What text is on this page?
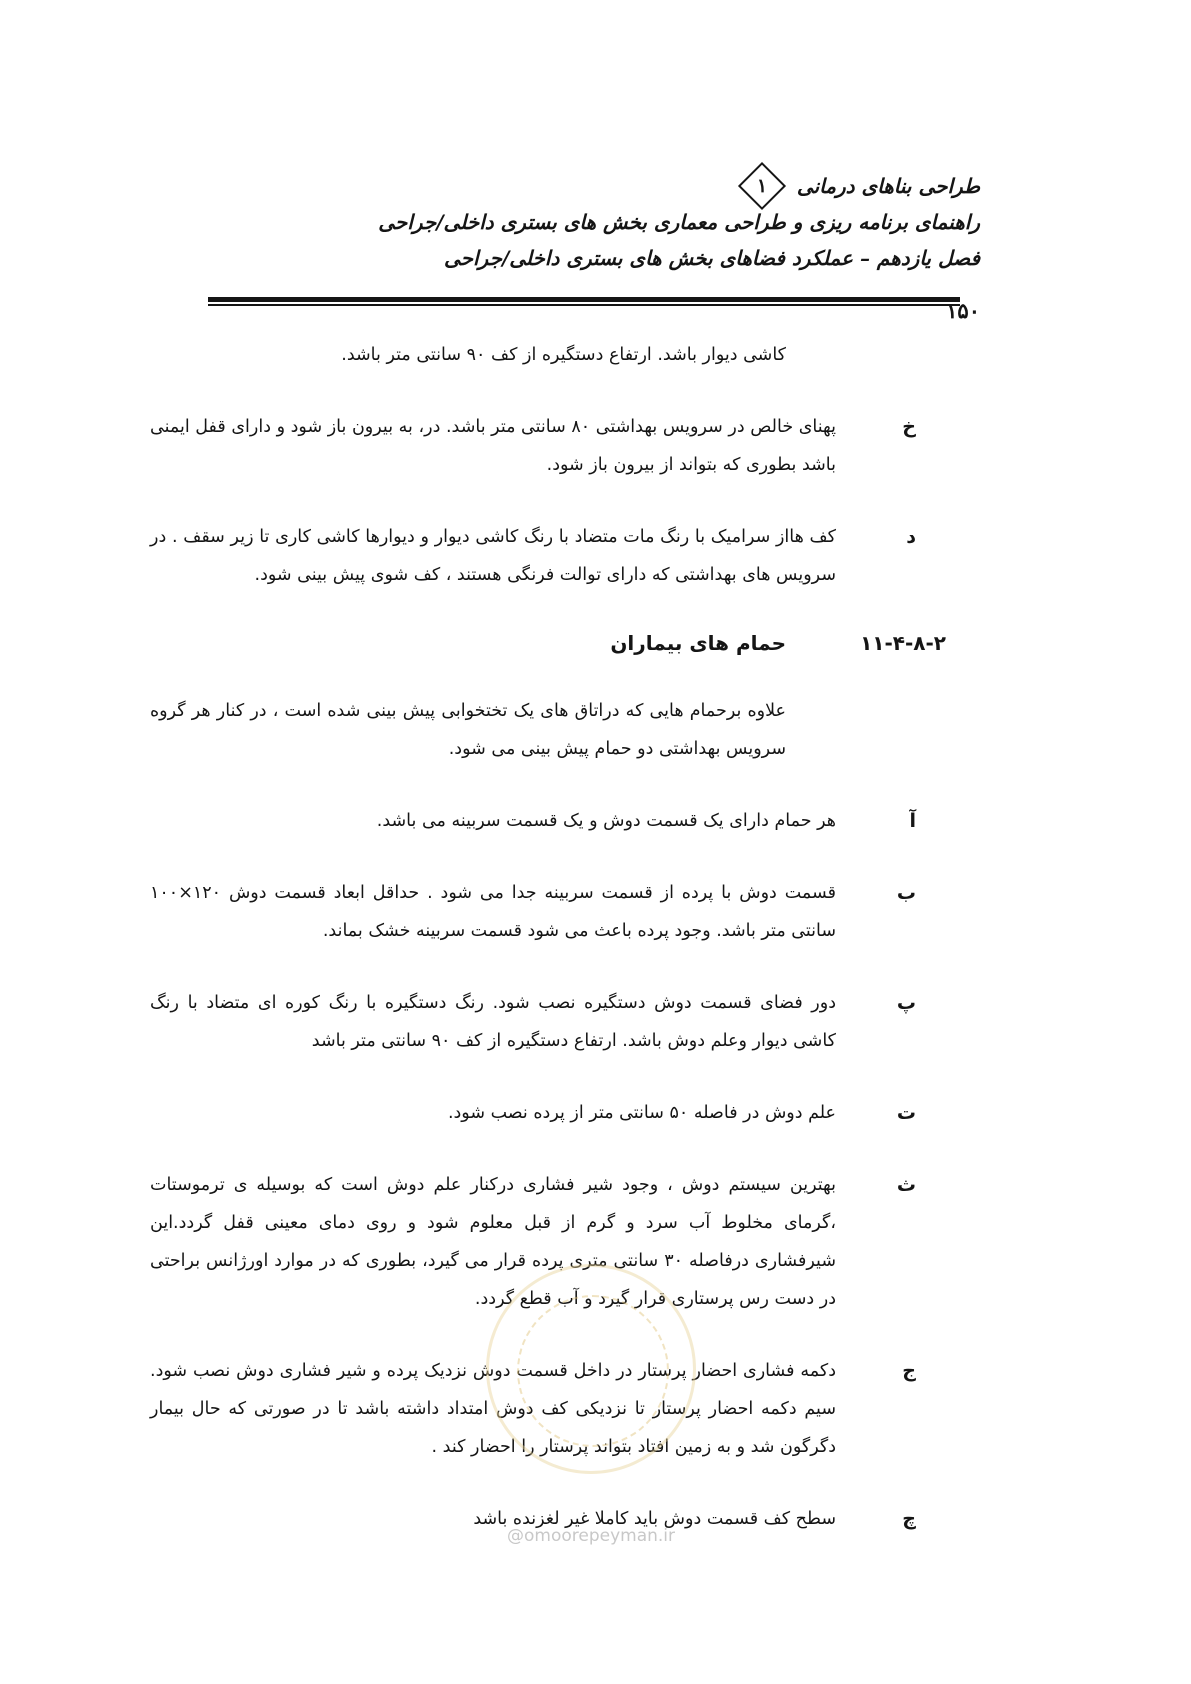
طراحی بناهای درمانی
۱
راهنمای برنامه ریزی و طراحی معماری بخش های بستری داخلی/جراحی
فصل یازدهم – عملکرد فضاهای بخش های بستری داخلی/جراحی
۱۵۰
کاشی دیوار باشد. ارتفاع دستگیره از کف ۹۰ سانتی متر باشد.
خ
پهنای خالص در سرویس بهداشتی ۸۰ سانتی متر باشد. در، به بیرون باز شود و دارای قفل ایمنی باشد بطوری که بتواند از بیرون باز شود.
د
کف هااز سرامیک با رنگ مات متضاد با رنگ کاشی دیوار و دیوارها کاشی کاری تا زیر سقف . در سرویس های بهداشتی که دارای توالت فرنگی هستند ، کف شوی پیش بینی شود.
۱۱-۴-۸-۲
حمام های بیماران
علاوه برحمام هایی که دراتاق های یک تختخوابی پیش بینی شده است ، در کنار هر گروه سرویس بهداشتی دو حمام پیش بینی می شود.
آ
هر حمام دارای یک قسمت دوش و یک قسمت سربینه می باشد.
ب
قسمت دوش با پرده از قسمت سربینه جدا می شود . حداقل ابعاد قسمت دوش ۱۲۰×۱۰۰ سانتی متر باشد. وجود پرده باعث می شود قسمت سربینه خشک بماند.
پ
دور فضای قسمت دوش دستگیره نصب شود. رنگ دستگیره با رنگ کوره ای متضاد با رنگ کاشی دیوار وعلم دوش باشد. ارتفاع دستگیره از کف ۹۰ سانتی متر باشد
ت
علم دوش در فاصله ۵۰ سانتی متر از پرده نصب شود.
ث
بهترین سیستم دوش ، وجود شیر فشاری درکنار علم دوش است که بوسیله ی ترموستات ،گرمای مخلوط آب سرد و گرم از قبل معلوم شود و روی دمای معینی قفل گردد.این شیرفشاری درفاصله ۳۰ سانتی متری پرده قرار می گیرد، بطوری که در موارد اورژانس براحتی در دست رس پرستاری قرار گیرد و آب قطع گردد.
ج
دکمه فشاری احضار پرستار در داخل قسمت دوش نزدیک پرده و شیر فشاری دوش نصب شود. سیم دکمه احضار پرستار تا نزدیکی کف دوش امتداد داشته باشد تا در صورتی که حال بیمار دگرگون شد و به زمین افتاد بتواند پرستار را احضار کند .
چ
سطح کف قسمت دوش باید کاملا غیر لغزنده باشد
@omoorepeyman.ir
